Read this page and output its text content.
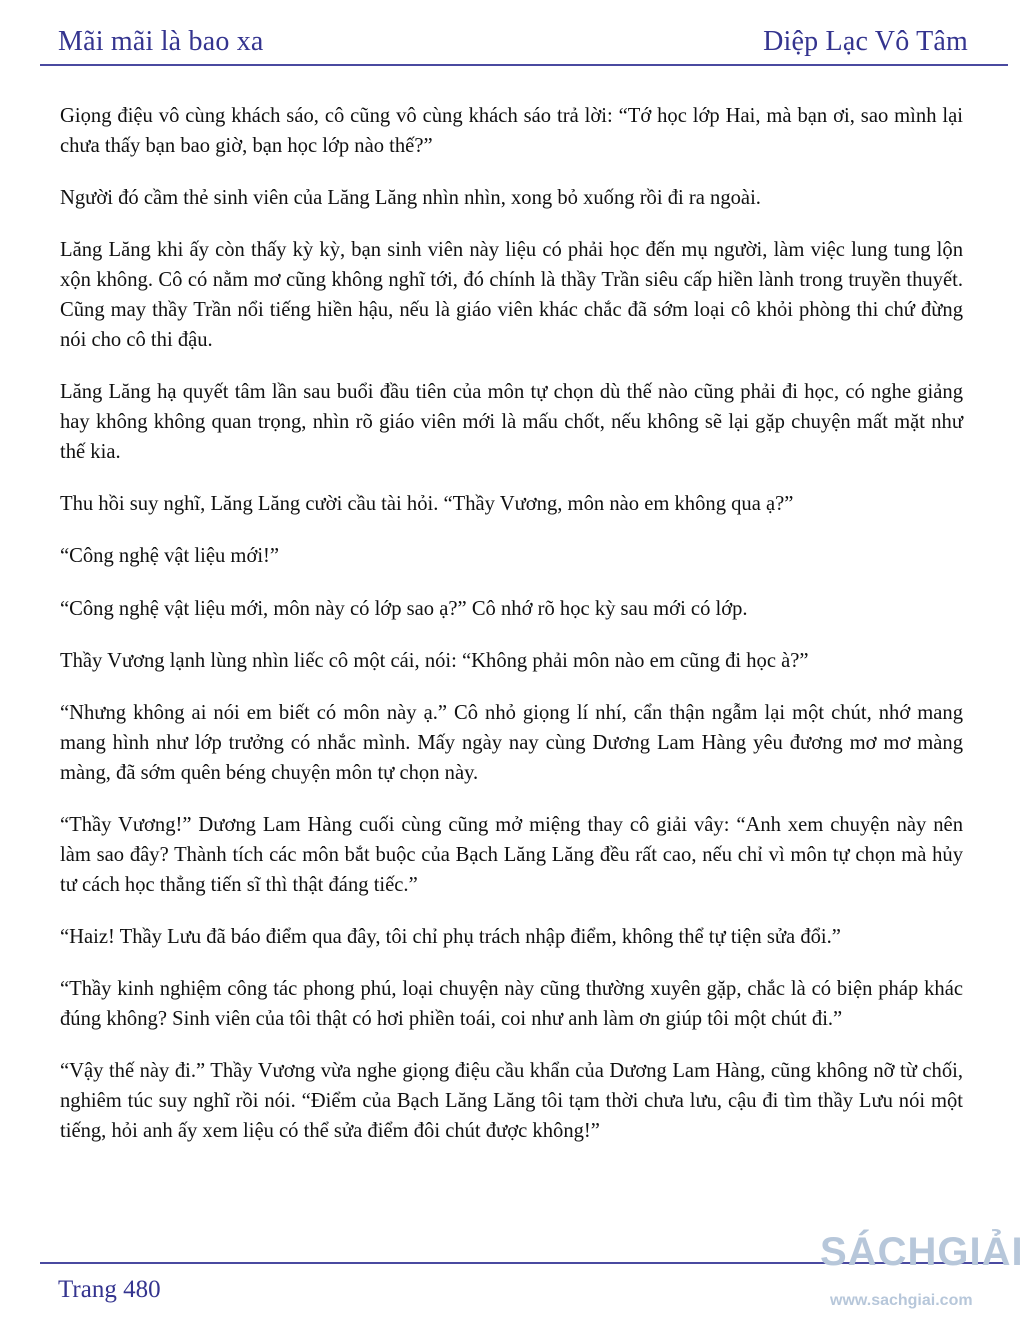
Mãi mãi là bao xa	Diệp Lạc Vô Tâm

Giọng điệu vô cùng khách sáo, cô cũng vô cùng khách sáo trả lời: “Tớ học lớp Hai, mà bạn ơi, sao mình lại chưa thấy bạn bao giờ, bạn học lớp nào thế?”

Người đó cầm thẻ sinh viên của Lăng Lăng nhìn nhìn, xong bỏ xuống rồi đi ra ngoài.

Lăng Lăng khi ấy còn thấy kỳ kỳ, bạn sinh viên này liệu có phải học đến mụ người, làm việc lung tung lộn xộn không. Cô có nằm mơ cũng không nghĩ tới, đó chính là thầy Trần siêu cấp hiền lành trong truyền thuyết. Cũng may thầy Trần nổi tiếng hiền hậu, nếu là giáo viên khác chắc đã sớm loại cô khỏi phòng thi chứ đừng nói cho cô thi đậu.

Lăng Lăng hạ quyết tâm lần sau buổi đầu tiên của môn tự chọn dù thế nào cũng phải đi học, có nghe giảng hay không không quan trọng, nhìn rõ giáo viên mới là mấu chốt, nếu không sẽ lại gặp chuyện mất mặt như thế kia.

Thu hồi suy nghĩ, Lăng Lăng cười cầu tài hỏi. “Thầy Vương, môn nào em không qua ạ?”

“Công nghệ vật liệu mới!”

“Công nghệ vật liệu mới, môn này có lớp sao ạ?” Cô nhớ rõ học kỳ sau mới có lớp.

Thầy Vương lạnh lùng nhìn liếc cô một cái, nói: “Không phải môn nào em cũng đi học à?”

“Nhưng không ai nói em biết có môn này ạ.” Cô nhỏ giọng lí nhí, cẩn thận ngẫm lại một chút, nhớ mang mang hình như lớp trưởng có nhắc mình. Mấy ngày nay cùng Dương Lam Hàng yêu đương mơ mơ màng màng, đã sớm quên béng chuyện môn tự chọn này.

“Thầy Vương!” Dương Lam Hàng cuối cùng cũng mở miệng thay cô giải vây: “Anh xem chuyện này nên làm sao đây? Thành tích các môn bắt buộc của Bạch Lăng Lăng đều rất cao, nếu chỉ vì môn tự chọn mà hủy tư cách học thẳng tiến sĩ thì thật đáng tiếc.”

“Haiz! Thầy Lưu đã báo điểm qua đây, tôi chỉ phụ trách nhập điểm, không thể tự tiện sửa đổi.”

“Thầy kinh nghiệm công tác phong phú, loại chuyện này cũng thường xuyên gặp, chắc là có biện pháp khác đúng không? Sinh viên của tôi thật có hơi phiền toái, coi như anh làm ơn giúp tôi một chút đi.”

“Vậy thế này đi.” Thầy Vương vừa nghe giọng điệu cầu khẩn của Dương Lam Hàng, cũng không nỡ từ chối, nghiêm túc suy nghĩ rồi nói. “Điểm của Bạch Lăng Lăng tôi tạm thời chưa lưu, cậu đi tìm thầy Lưu nói một tiếng, hỏi anh ấy xem liệu có thể sửa điểm đôi chút được không!”

Trang 480
SÁCHGIẢI
www.sachgiai.com
